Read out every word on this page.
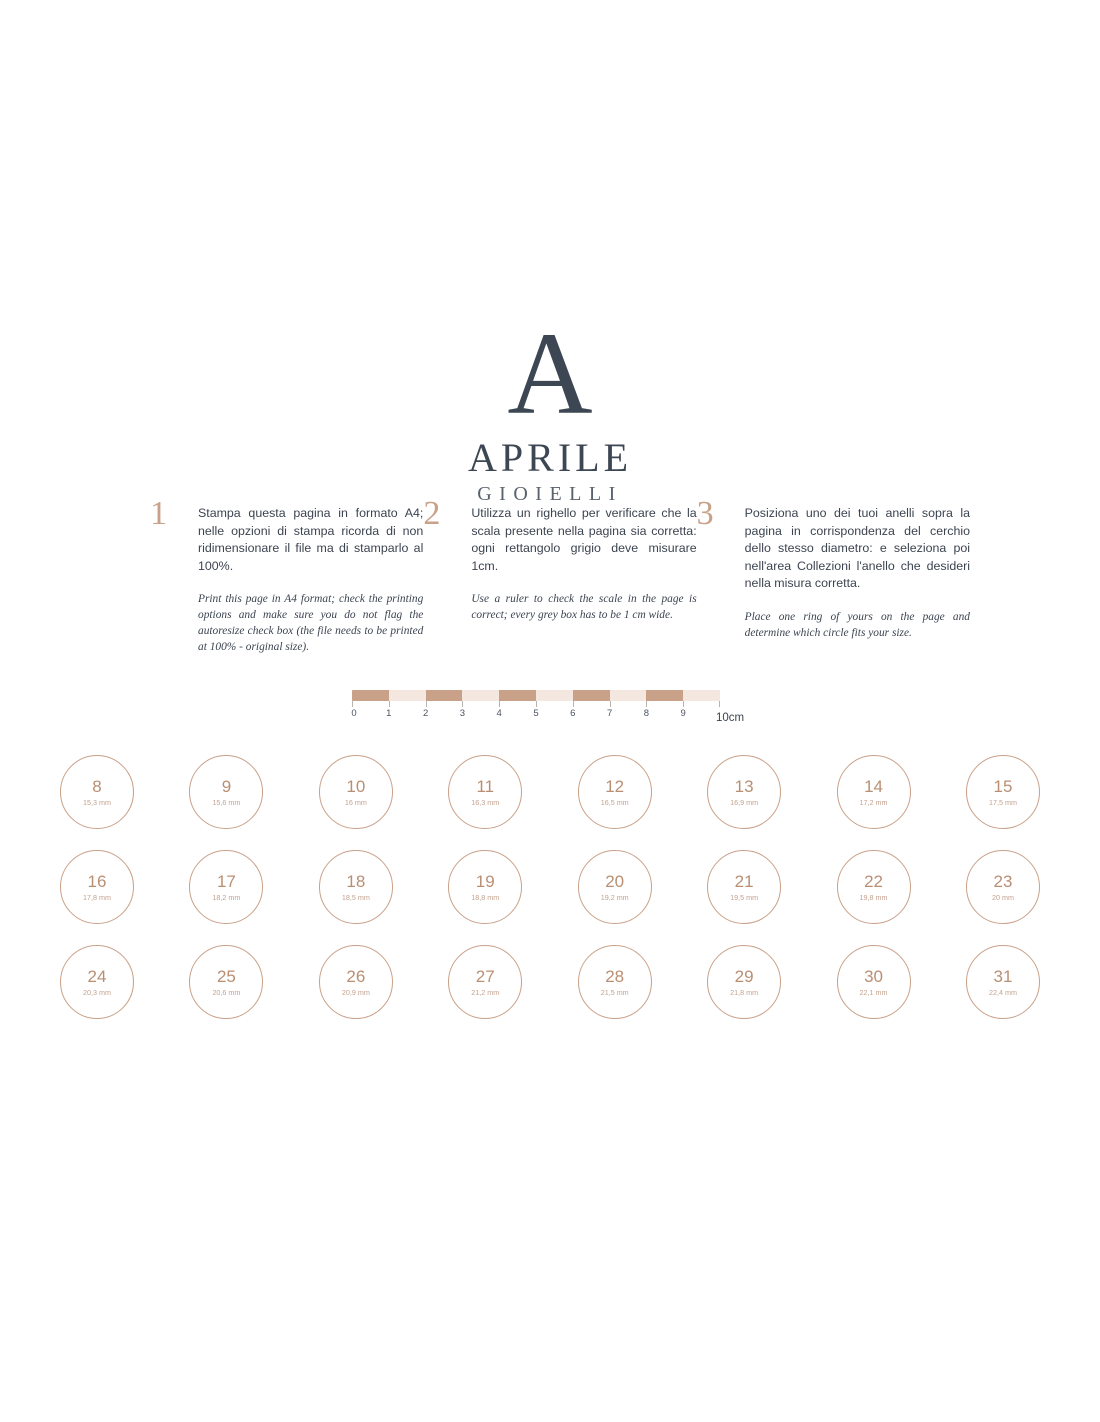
A
APRILE
GIOIELLI
1	Stampa questa pagina in formato A4; nelle opzioni di stampa ricorda di non ridimensionare il file ma di stamparlo al 100%.

Print this page in A4 format; check the printing options and make sure you do not flag the autoresize check box (the file needs to be printed at 100% - original size).

2	Utilizza un righello per verificare che la scala presente nella pagina sia corretta: ogni rettangolo grigio deve misurare 1cm.

Use a ruler to check the scale in the page is correct; every grey box has to be 1 cm wide.

3	Posiziona uno dei tuoi anelli sopra la pagina in corrispondenza del cerchio dello stesso diametro: e seleziona poi nell'area Collezioni l'anello che desideri nella misura corretta.

Place one ring of yours on the page and determine which circle fits your size.

0	1	2	3	4	5	6	7	8	9	10cm
8
15,3 mm
9
15,6 mm
10
16 mm
11
16,3 mm
12
16,5 mm
13
16,9 mm
14
17,2 mm
15
17,5 mm
16
17,8 mm
17
18,2 mm
18
18,5 mm
19
18,8 mm
20
19,2 mm
21
19,5 mm
22
19,8 mm
23
20 mm
24
20,3 mm
25
20,6 mm
26
20,9 mm
27
21,2 mm
28
21,5 mm
29
21,8 mm
30
22,1 mm
31
22,4 mm
